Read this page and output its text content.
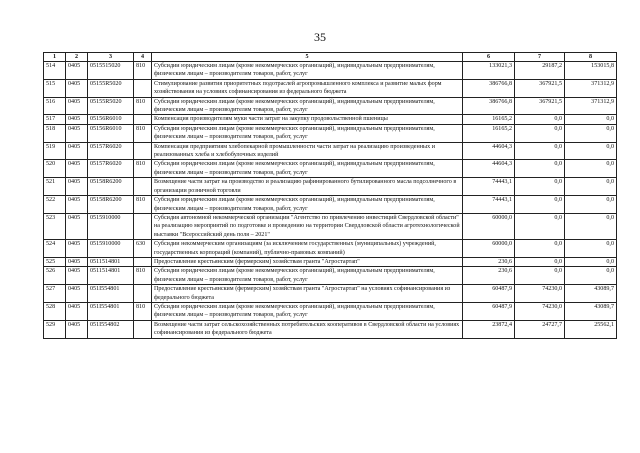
35
1	2	3	4	5	6	7	8
514	0405	0515515020	810	Субсидии юридическим лицам (кроме некоммерческих организаций), индивидуальным предпринимателям, физическим лицам – производителям товаров, работ, услуг	133021,3	29187,2	153015,8
515	0405	05155R5020		Стимулирование развития приоритетных подотраслей агропромышленного комплекса и развитие малых форм хозяйствования на условиях софинансирования из федерального бюджета	386766,8	367921,5	371312,9
516	0405	05155R5020	810	Субсидии юридическим лицам (кроме некоммерческих организаций), индивидуальным предпринимателям, физическим лицам – производителям товаров, работ, услуг	386766,8	367921,5	371312,9
517	0405	05156R6010		Компенсация производителям муки части затрат на закупку продовольственной пшеницы	16165,2	0,0	0,0
518	0405	05156R6010	810	Субсидии юридическим лицам (кроме некоммерческих организаций), индивидуальным предпринимателям, физическим лицам – производителям товаров, работ, услуг	16165,2	0,0	0,0
519	0405	05157R6020		Компенсация предприятиям хлебопекарной промышленности части затрат на реализацию произведенных и реализованных хлеба и хлебобулочных изделий	44604,3	0,0	0,0
520	0405	05157R6020	810	Субсидии юридическим лицам (кроме некоммерческих организаций), индивидуальным предпринимателям, физическим лицам – производителям товаров, работ, услуг	44604,3	0,0	0,0
521	0405	05158R6200		Возмещение части затрат на производство и реализацию рафинированного бутилированного масла подсолнечного в организации розничной торговли	74443,1	0,0	0,0
522	0405	05158R6200	810	Субсидии юридическим лицам (кроме некоммерческих организаций), индивидуальным предпринимателям, физическим лицам – производителям товаров, работ, услуг	74443,1	0,0	0,0
523	0405	0515910000		Субсидия автономной некоммерческой организации "Агентство по привлечению инвестиций Свердловской области" на реализацию мероприятий по подготовке и проведению на территории Свердловской области агротехнологической выставки "Всероссийский день поля – 2021"	60000,0	0,0	0,0
524	0405	0515910000	630	Субсидии некоммерческим организациям (за исключением государственных (муниципальных) учреждений, государственных корпораций (компаний), публично-правовых компаний)	60000,0	0,0	0,0
525	0405	0511514801		Предоставление крестьянским (фермерским) хозяйствам гранта "Агростартап"	230,6	0,0	0,0
526	0405	0511514801	810	Субсидии юридическим лицам (кроме некоммерческих организаций), индивидуальным предпринимателям, физическим лицам – производителям товаров, работ, услуг	230,6	0,0	0,0
527	0405	051I554801		Предоставление крестьянским (фермерским) хозяйствам гранта "Агростартап" на условиях софинансирования из федерального бюджета	60487,9	74230,0	43089,7
528	0405	051I554801	810	Субсидии юридическим лицам (кроме некоммерческих организаций), индивидуальным предпринимателям, физическим лицам – производителям товаров, работ, услуг	60487,9	74230,0	43089,7
529	0405	051I554802		Возмещение части затрат сельскохозяйственных потребительских кооперативов в Свердловской области на условиях софинансирования из федерального бюджета	23872,4	24727,7	25562,1
